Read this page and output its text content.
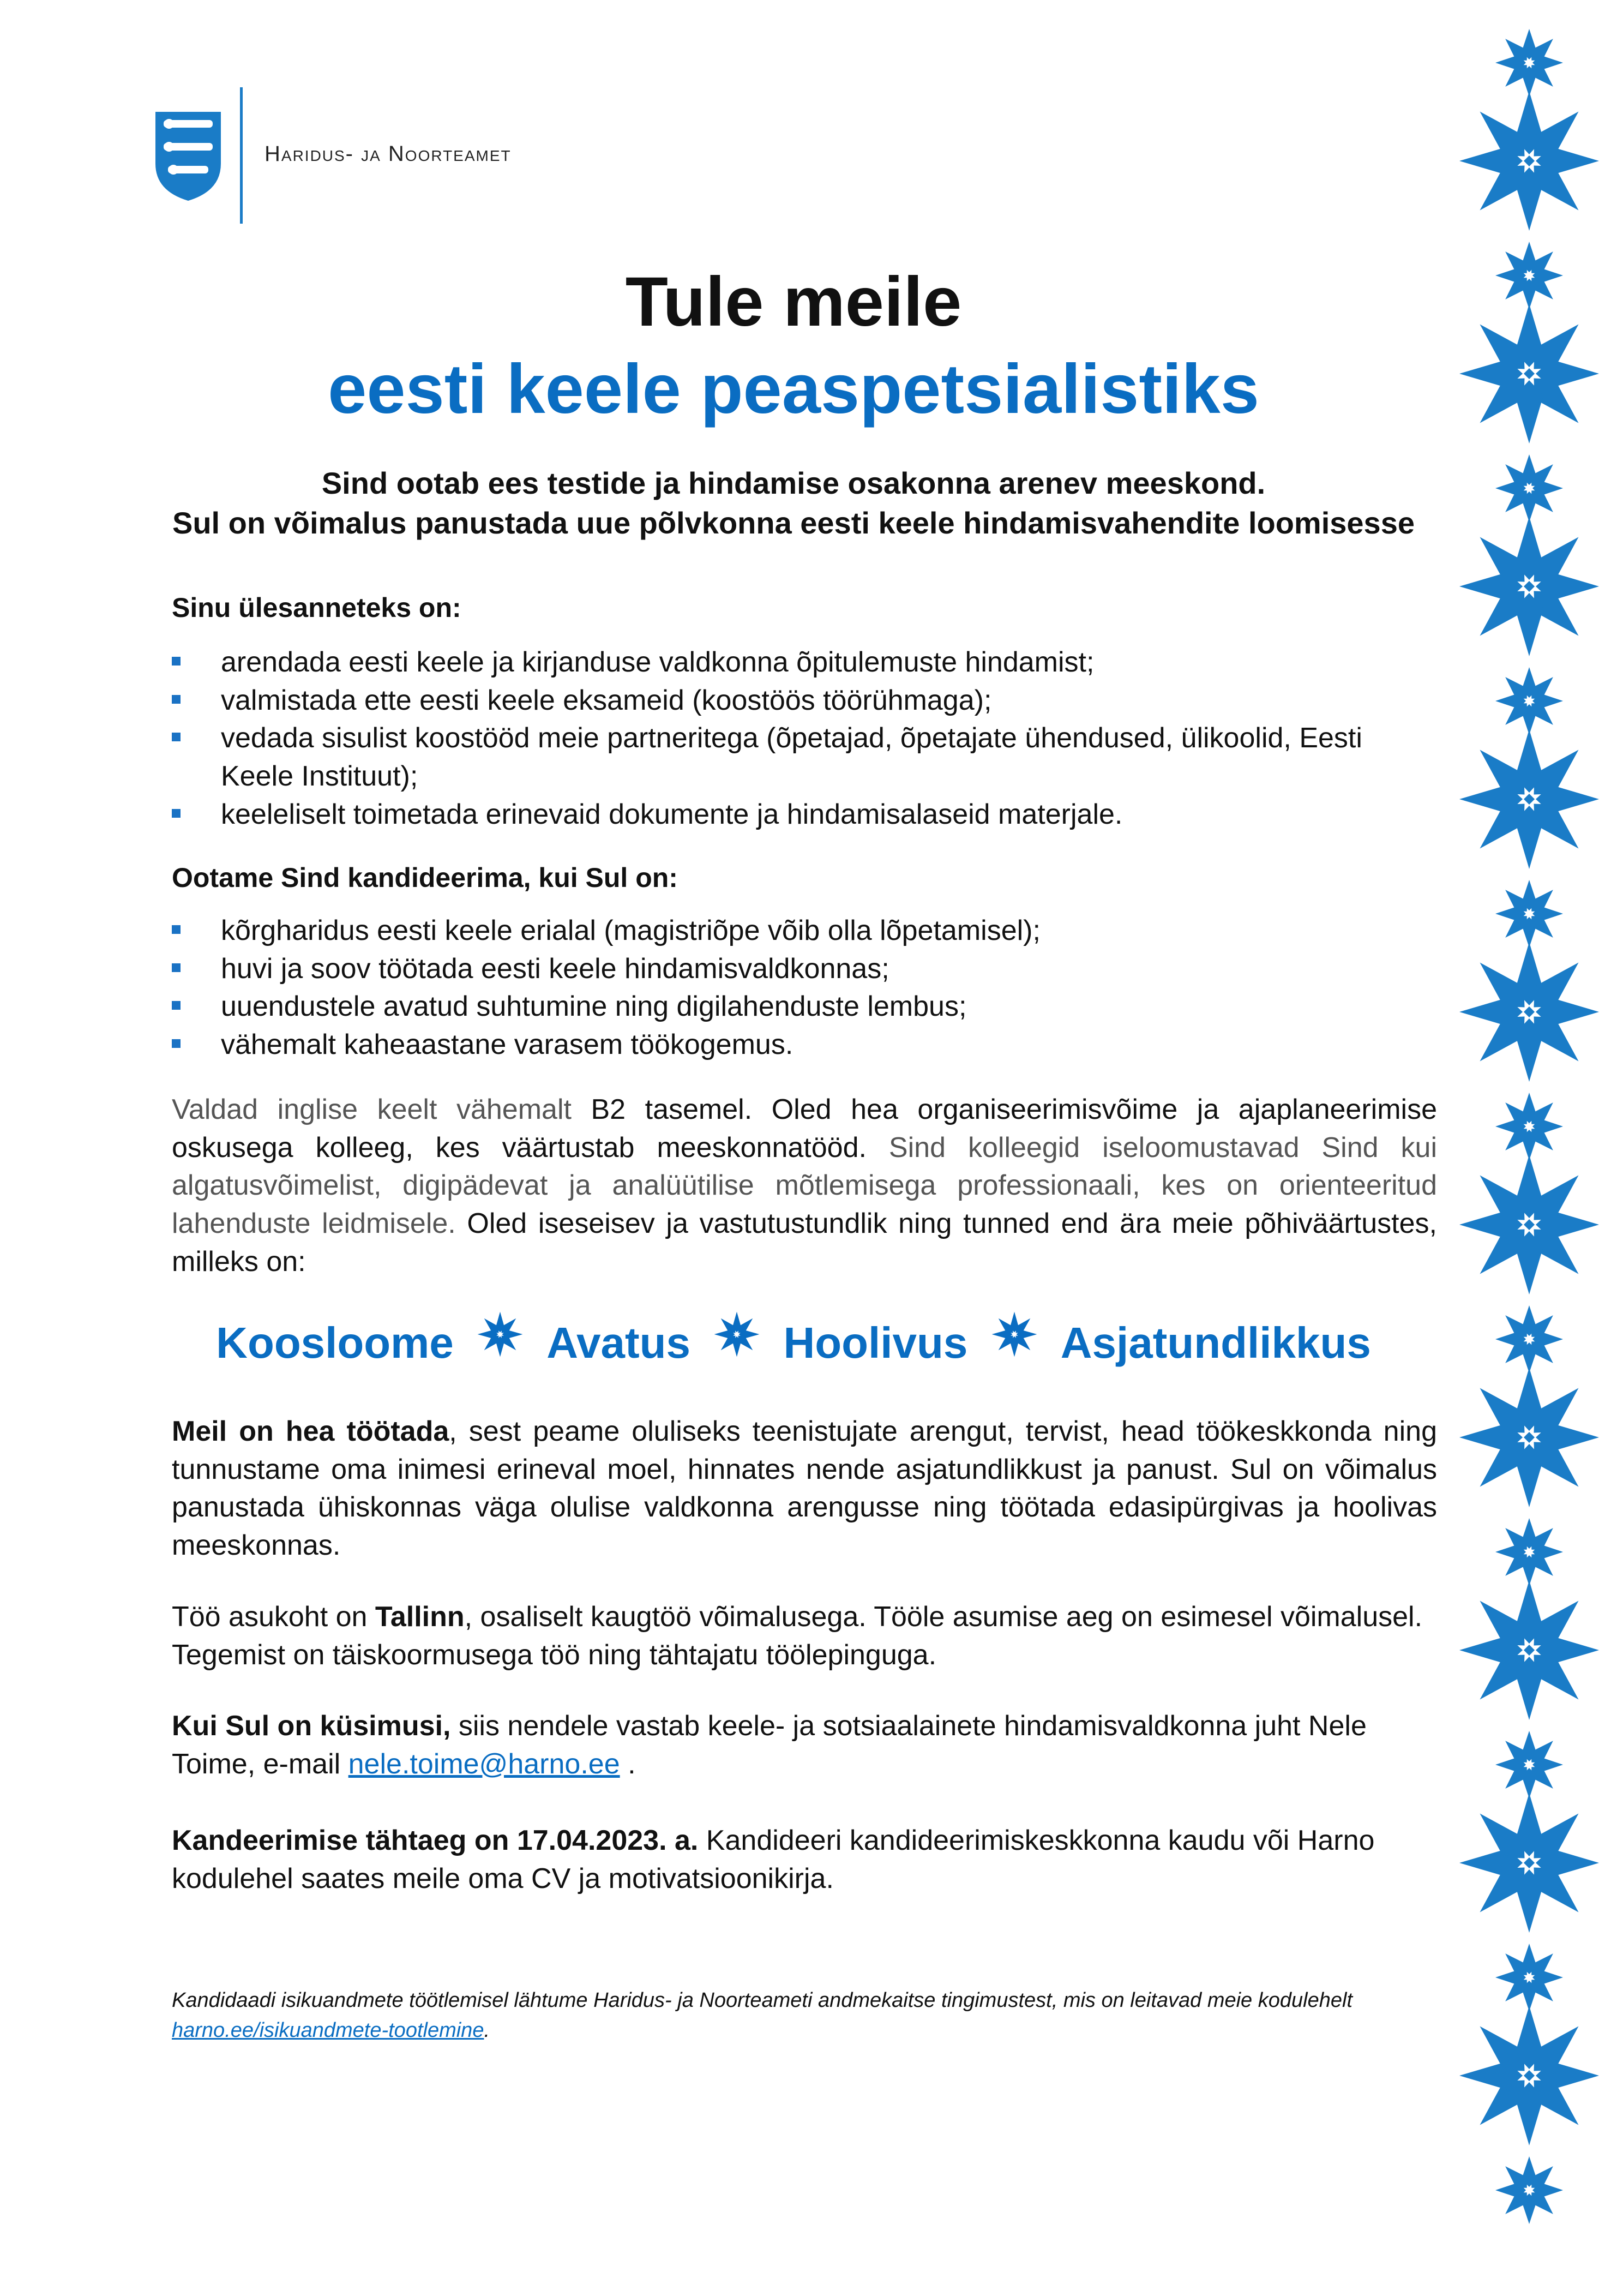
Haridus- ja Noorteamet
Tule meile
eesti keele peaspetsialistiks

Sind ootab ees testide ja hindamise osakonna arenev meeskond.

Sul on võimalus panustada uue põlvkonna eesti keele hindamisvahendite loomisesse

Sinu ülesanneteks on:
arendada eesti keele ja kirjanduse valdkonna õpitulemuste hindamist;
valmistada ette eesti keele eksameid (koostöös töörühmaga);
vedada sisulist koostööd meie partneritega (õpetajad, õpetajate ühendused, ülikoolid, Eesti Keele Instituut);
keeleliselt toimetada erinevaid dokumente ja hindamisalaseid materjale.
Ootame Sind kandideerima, kui Sul on:
kõrgharidus eesti keele erialal (magistriõpe võib olla lõpetamisel);
huvi ja soov töötada eesti keele hindamisvaldkonnas;
uuendustele avatud suhtumine ning digilahenduste lembus;
vähemalt kaheaastane varasem töökogemus.
Valdad inglise keelt vähemalt B2 tasemel. Oled hea organiseerimisvõime ja ajaplaneerimise oskusega kolleeg, kes väärtustab meeskonnatööd. Sind kolleegid iseloomustavad Sind kui algatusvõimelist, digipädevat ja analüütilise mõtlemisega professionaali, kes on orienteeritud lahenduste leidmisele. Oled iseseisev ja vastutustundlik ning tunned end ära meie põhiväärtustes, milleks on:
Koosloome Avatus Hoolivus Asjatundlikkus
Meil on hea töötada, sest peame oluliseks teenistujate arengut, tervist, head töökeskkonda ning tunnustame oma inimesi erineval moel, hinnates nende asjatundlikkust ja panust. Sul on võimalus panustada ühiskonnas väga olulise valdkonna arengusse ning töötada edasipürgivas ja hoolivas meeskonnas.
Töö asukoht on Tallinn, osaliselt kaugtöö võimalusega. Tööle asumise aeg on esimesel võimalusel. Tegemist on täiskoormusega töö ning tähtajatu töölepinguga.
Kui Sul on küsimusi, siis nendele vastab keele- ja sotsiaalainete hindamisvaldkonna juht Nele Toime, e-mail nele.toime@harno.ee .
Kandeerimise tähtaeg on 17.04.2023. a. Kandideeri kandideerimiskeskkonna kaudu või Harno kodulehel saates meile oma CV ja motivatsioonikirja.
Kandidaadi isikuandmete töötlemisel lähtume Haridus- ja Noorteameti andmekaitse tingimustest, mis on leitavad meie kodulehelt harno.ee/isikuandmete-tootlemine.
